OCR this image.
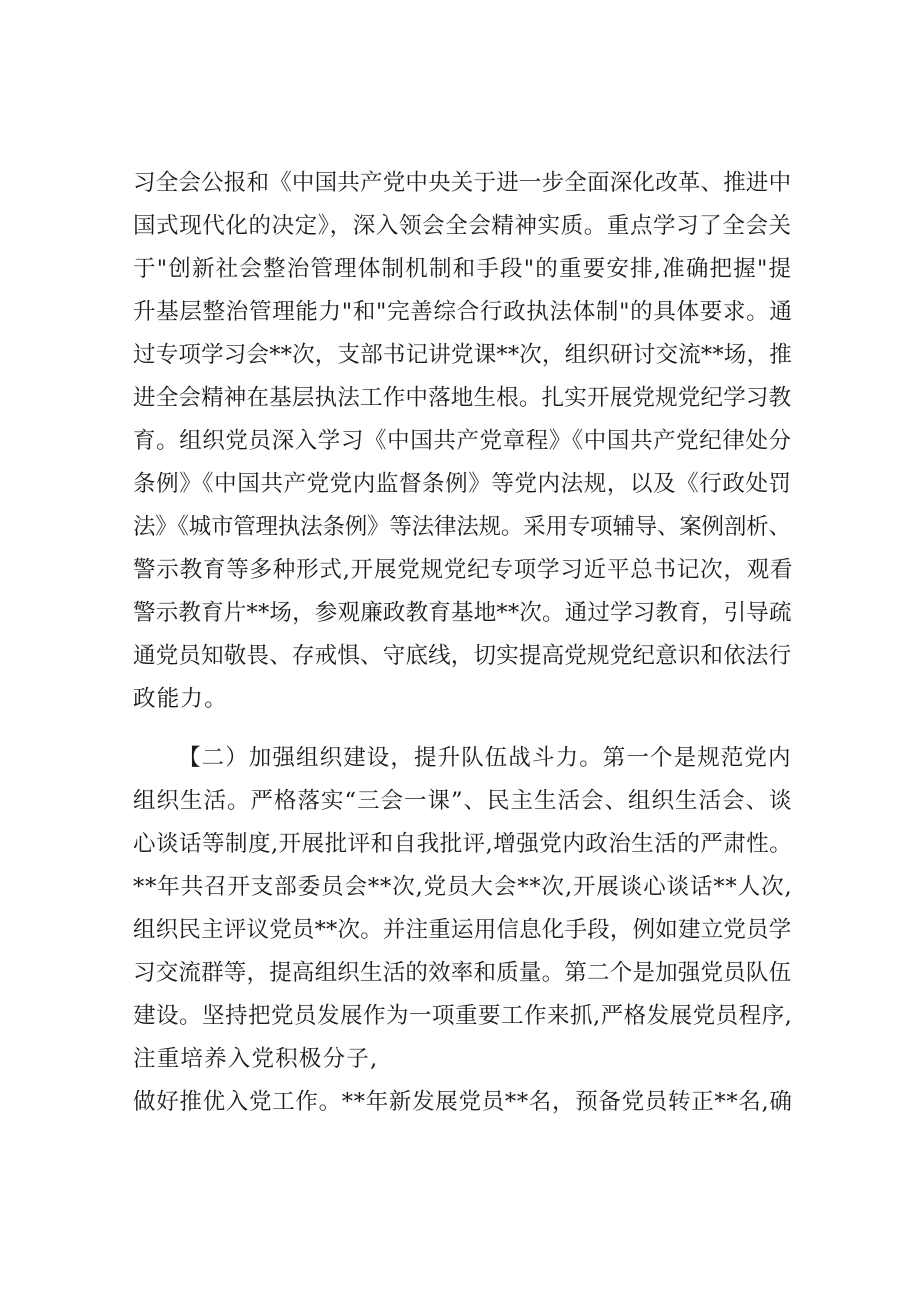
习全会公报和《中国共产党中央关于进一步全面深化改革、推进中
国式现代化的决定》，深入领会全会精神实质。重点学习了全会关
于"创新社会整治管理体制机制和手段"的重要安排,准确把握"提
升基层整治管理能力"和"完善综合行政执法体制"的具体要求。通
过专项学习会**次，支部书记讲党课**次，组织研讨交流**场，推
进全会精神在基层执法工作中落地生根。扎实开展党规党纪学习教
育。组织党员深入学习《中国共产党章程》《中国共产党纪律处分
条例》《中国共产党党内监督条例》等党内法规，以及《行政处罚
法》《城市管理执法条例》等法律法规。采用专项辅导、案例剖析、
警示教育等多种形式,开展党规党纪专项学习近平总书记次，观看
警示教育片**场，参观廉政教育基地**次。通过学习教育，引导疏
通党员知敬畏、存戒惧、守底线，切实提高党规党纪意识和依法行
政能力。
【二）加强组织建设，提升队伍战斗力。第一个是规范党内
组织生活。严格落实“三会一课”、民主生活会、组织生活会、谈
心谈话等制度,开展批评和自我批评,增强党内政治生活的严肃性。
**年共召开支部委员会**次,党员大会**次,开展谈心谈话**人次,
组织民主评议党员**次。并注重运用信息化手段，例如建立党员学
习交流群等，提高组织生活的效率和质量。第二个是加强党员队伍
建设。坚持把党员发展作为一项重要工作来抓,严格发展党员程序,
注重培养入党积极分子,
做好推优入党工作。**年新发展党员**名，预备党员转正**名,确
